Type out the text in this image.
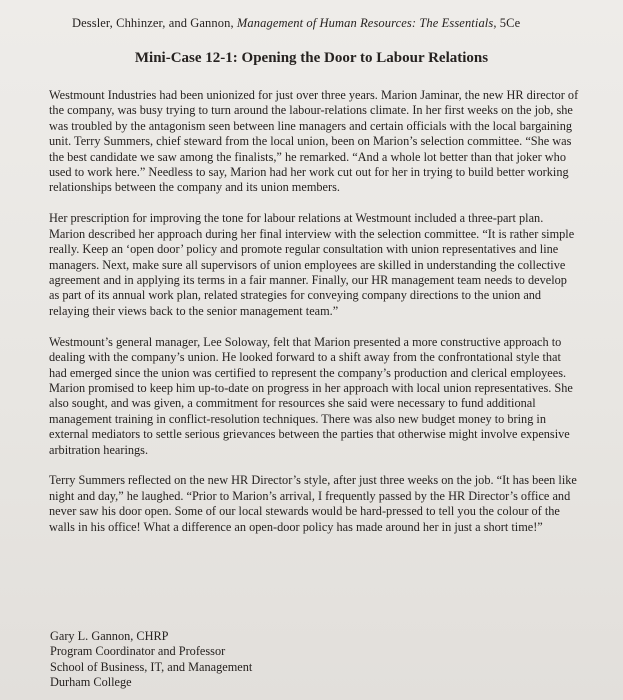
Dessler, Chhinzer, and Gannon, Management of Human Resources: The Essentials, 5Ce
Mini-Case 12-1: Opening the Door to Labour Relations

Westmount Industries had been unionized for just over three years. Marion Jaminar, the new HR director of the company, was busy trying to turn around the labour-relations climate. In her first weeks on the job, she was troubled by the antagonism seen between line managers and certain officials with the local bargaining unit. Terry Summers, chief steward from the local union, been on Marion’s selection committee. “She was the best candidate we saw among the finalists,” he remarked. “And a whole lot better than that joker who used to work here.” Needless to say, Marion had her work cut out for her in trying to build better working relationships between the company and its union members.

Her prescription for improving the tone for labour relations at Westmount included a three-part plan. Marion described her approach during her final interview with the selection committee. “It is rather simple really. Keep an ‘open door’ policy and promote regular consultation with union representatives and line managers. Next, make sure all supervisors of union employees are skilled in understanding the collective agreement and in applying its terms in a fair manner. Finally, our HR management team needs to develop as part of its annual work plan, related strategies for conveying company directions to the union and relaying their views back to the senior management team.”

Westmount’s general manager, Lee Soloway, felt that Marion presented a more constructive approach to dealing with the company’s union. He looked forward to a shift away from the confrontational style that had emerged since the union was certified to represent the company’s production and clerical employees. Marion promised to keep him up-to-date on progress in her approach with local union representatives. She also sought, and was given, a commitment for resources she said were necessary to fund additional management training in conflict-resolution techniques. There was also new budget money to bring in external mediators to settle serious grievances between the parties that otherwise might involve expensive arbitration hearings.

Terry Summers reflected on the new HR Director’s style, after just three weeks on the job. “It has been like night and day,” he laughed. “Prior to Marion’s arrival, I frequently passed by the HR Director’s office and never saw his door open. Some of our local stewards would be hard-pressed to tell you the colour of the walls in his office! What a difference an open-door policy has made around her in just a short time!”

Gary L. Gannon, CHRP
Program Coordinator and Professor
School of Business, IT, and Management
Durham College
